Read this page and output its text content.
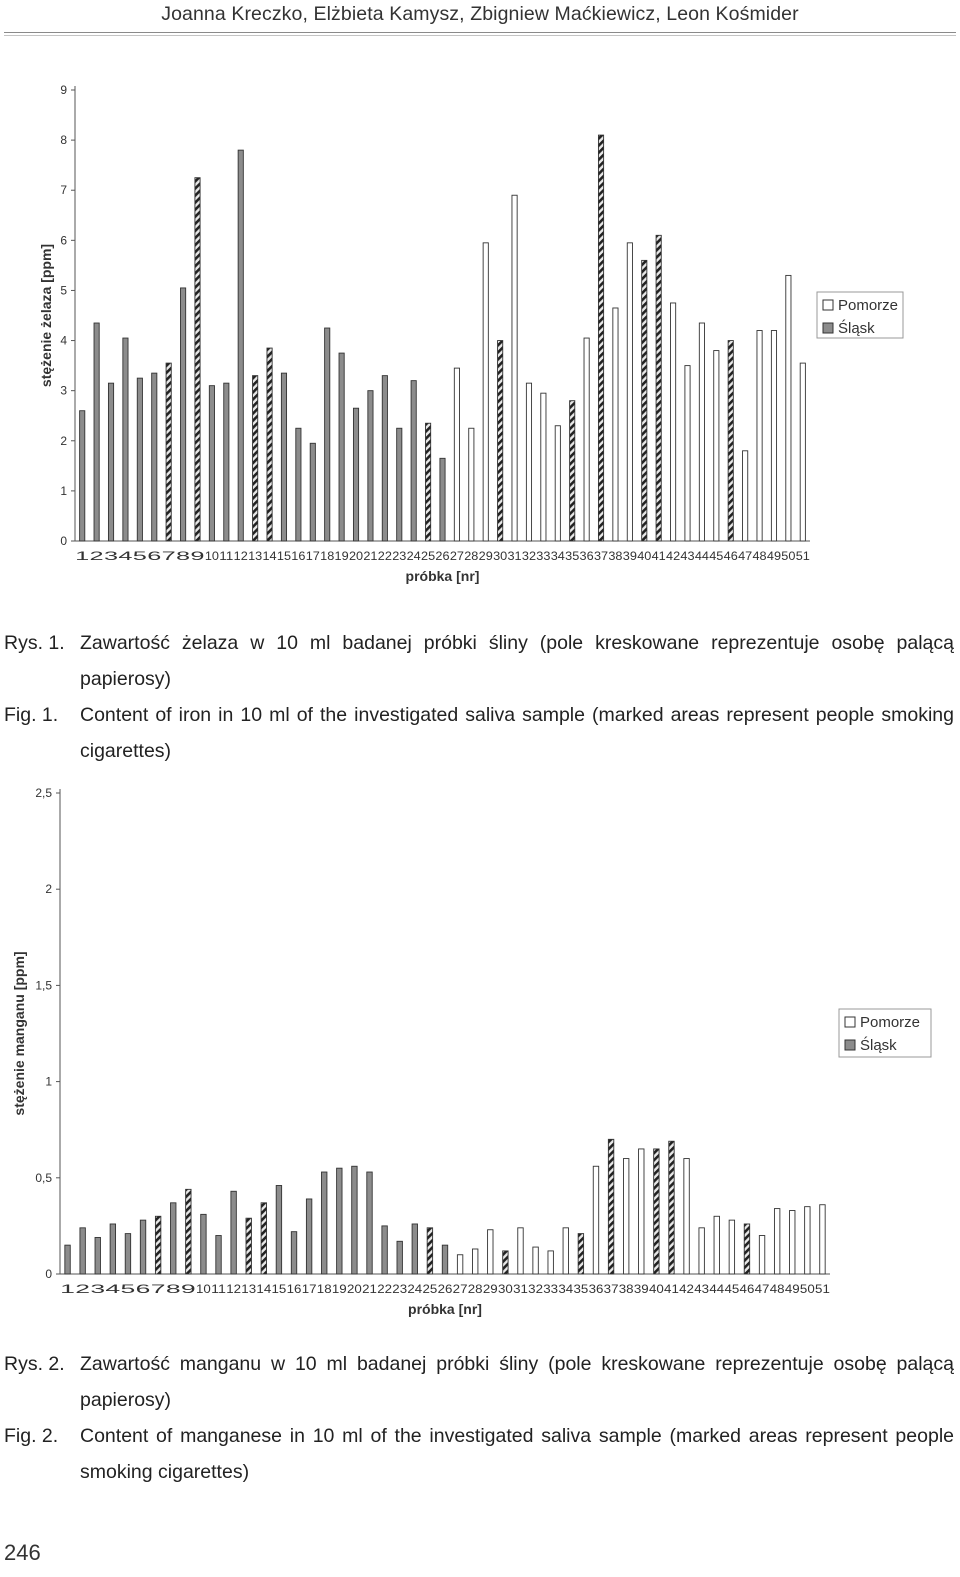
Joanna Kreczko, Elżbieta Kamysz, Zbigniew Maćkiewicz, Leon Kośmider
0
1
2
3
4
5
6
7
8
9
1 2 3 4
5 6 7 8 9 10 11 12 13 14 15 16 17 18 19 20 21 22 23 24 25 26 27 28 29 30 31 32 33 34 35 36 37 38 39 40 41 42 43 44 45 46 47 48 49 50 51
próbka [nr]
stężenie żelaza [ppm]	Pomorze
Śląsk
Rys. 1. Zawartość żelaza w 10 ml badanej próbki śliny (pole kreskowane reprezentuje osobę palącą papierosy)
Fig. 1.	Content of iron in 10 ml of the investigated saliva sample (marked areas represent people smoking cigarettes)
0
0,5
1
1,5
2
2,5
1 2 3 4
5 6 7 8 9 10 11 12 13 14 15 16 17 18 19 20 21 22 23 24 25 26 27 28 29 30 31 32 33 34 35 36 37 38 39 40 41 42 43 44 45 46 47 48 49 50 51
próbka [nr]
stężenie manganu [ppm]	Pomorze
Śląsk
Rys. 2. Zawartość manganu w 10 ml badanej próbki śliny (pole kreskowane reprezentuje osobę palącą papierosy)
Fig. 2.	Content of manganese in 10 ml of the investigated saliva sample (marked areas represent people smoking cigarettes)
246
